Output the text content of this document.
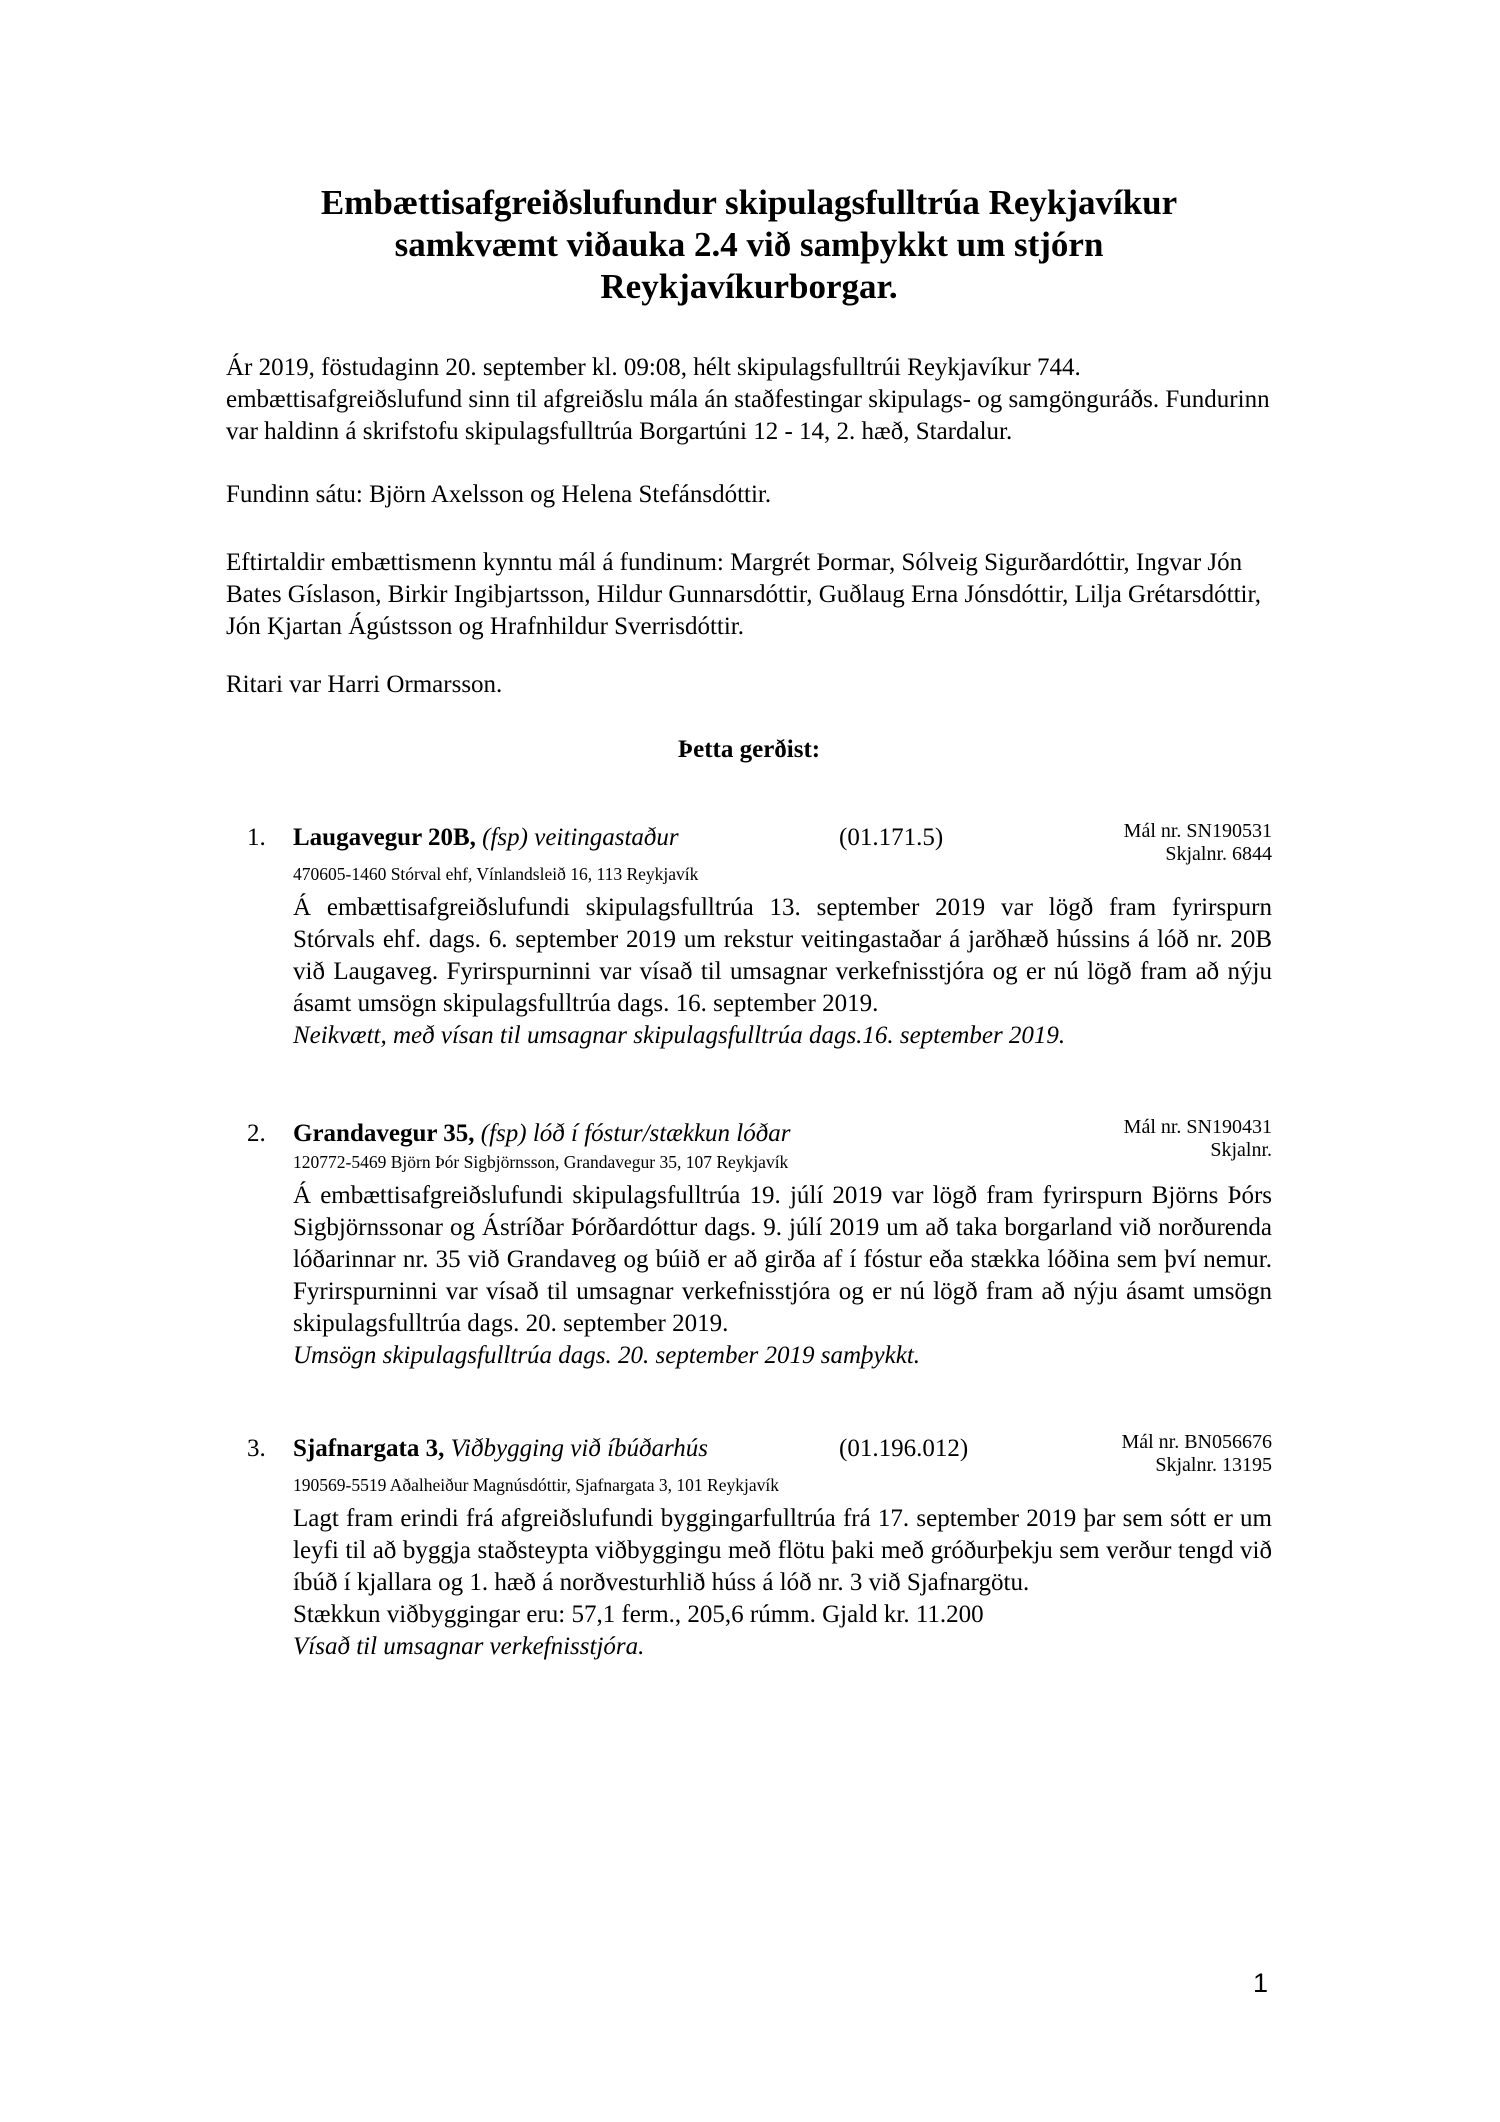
Embættisafgreiðslufundur skipulagsfulltrúa Reykjavíkur
samkvæmt viðauka 2.4 við samþykkt um stjórn
Reykjavíkurborgar.

Ár 2019, föstudaginn 20. september kl. 09:08, hélt skipulagsfulltrúi Reykjavíkur 744. embættisafgreiðslufund sinn til afgreiðslu mála án staðfestingar skipulags- og samgönguráðs. Fundurinn var haldinn á skrifstofu skipulagsfulltrúa Borgartúni 12 - 14, 2. hæð, Stardalur.

Fundinn sátu: Björn Axelsson og Helena Stefánsdóttir.

Eftirtaldir embættismenn kynntu mál á fundinum: Margrét Þormar, Sólveig Sigurðardóttir, Ingvar Jón Bates Gíslason, Birkir Ingibjartsson, Hildur Gunnarsdóttir, Guðlaug Erna Jónsdóttir, Lilja Grétarsdóttir, Jón Kjartan Ágústsson og Hrafnhildur Sverrisdóttir.

Ritari var Harri Ormarsson.

Þetta gerðist:
1. Laugavegur 20B, (fsp) veitingastaður	(01.171.5)	Mál nr. SN190531
Skjalnr. 6844
470605-1460 Stórval ehf, Vínlandsleið 16, 113 Reykjavík
Á embættisafgreiðslufundi skipulagsfulltrúa 13. september 2019 var lögð fram fyrirspurn Stórvals ehf. dags. 6. september 2019 um rekstur veitingastaðar á jarðhæð hússins á lóð nr. 20B við Laugaveg. Fyrirspurninni var vísað til umsagnar verkefnisstjóra og er nú lögð fram að nýju ásamt umsögn skipulagsfulltrúa dags. 16. september 2019.
Neikvætt, með vísan til umsagnar skipulagsfulltrúa dags.16. september 2019.
2. Grandavegur 35, (fsp) lóð í fóstur/stækkun lóðar	Mál nr. SN190431
Skjalnr.
120772-5469 Björn Þór Sigbjörnsson, Grandavegur 35, 107 Reykjavík
Á embættisafgreiðslufundi skipulagsfulltrúa 19. júlí 2019 var lögð fram fyrirspurn Björns Þórs Sigbjörnssonar og Ástríðar Þórðardóttur dags. 9. júlí 2019 um að taka borgarland við norðurenda lóðarinnar nr. 35 við Grandaveg og búið er að girða af í fóstur eða stækka lóðina sem því nemur. Fyrirspurninni var vísað til umsagnar verkefnisstjóra og er nú lögð fram að nýju ásamt umsögn skipulagsfulltrúa dags. 20. september 2019.
Umsögn skipulagsfulltrúa dags. 20. september 2019 samþykkt.
3. Sjafnargata 3, Viðbygging við íbúðarhús	(01.196.012)	Mál nr. BN056676
Skjalnr. 13195
190569-5519 Aðalheiður Magnúsdóttir, Sjafnargata 3, 101 Reykjavík
Lagt fram erindi frá afgreiðslufundi byggingarfulltrúa frá 17. september 2019 þar sem sótt er um leyfi til að byggja staðsteypta viðbyggingu með flötu þaki með gróðurþekju sem verður tengd við íbúð í kjallara og 1. hæð á norðvesturhlið húss á lóð nr. 3 við Sjafnargötu.
Stækkun viðbyggingar eru: 57,1 ferm., 205,6 rúmm. Gjald kr. 11.200
Vísað til umsagnar verkefnisstjóra.
1
